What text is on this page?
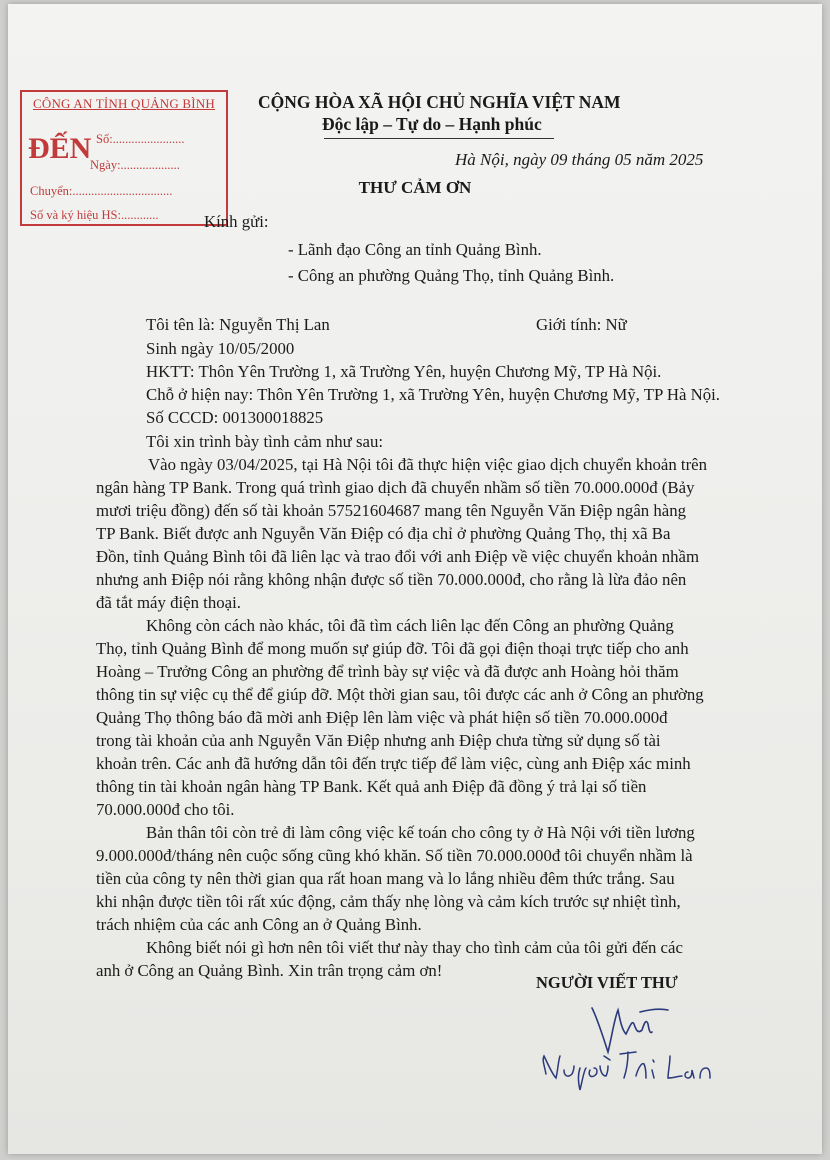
CÔNG AN TỈNH QUẢNG BÌNH
ĐẾN Số:.......................
Ngày:...................
Chuyển:................................
Số và ký hiệu HS:............
CỘNG HÒA XÃ HỘI CHỦ NGHĨA VIỆT NAM
Độc lập – Tự do – Hạnh phúc
Hà Nội, ngày 09 tháng 05 năm 2025
THƯ CẢM ƠN
Kính gửi:
- Lãnh đạo Công an tỉnh Quảng Bình.
- Công an phường Quảng Thọ, tỉnh Quảng Bình.
Tôi tên là: Nguyễn Thị Lan	Giới tính: Nữ
Sinh ngày 10/05/2000
HKTT: Thôn Yên Trường 1, xã Trường Yên, huyện Chương Mỹ, TP Hà Nội.
Chỗ ở hiện nay: Thôn Yên Trường 1, xã Trường Yên, huyện Chương Mỹ, TP Hà Nội.
Số CCCD: 001300018825
Tôi xin trình bày tình cảm như sau:
Vào ngày 03/04/2025, tại Hà Nội tôi đã thực hiện việc giao dịch chuyển khoản trên
ngân hàng TP Bank. Trong quá trình giao dịch đã chuyển nhầm số tiền 70.000.000đ (Bảy
mươi triệu đồng) đến số tài khoản 57521604687 mang tên Nguyễn Văn Điệp ngân hàng
TP Bank. Biết được anh Nguyễn Văn Điệp có địa chỉ ở phường Quảng Thọ, thị xã Ba
Đồn, tỉnh Quảng Bình tôi đã liên lạc và trao đổi với anh Điệp về việc chuyển khoản nhầm
nhưng anh Điệp nói rằng không nhận được số tiền 70.000.000đ, cho rằng là lừa đảo nên
đã tắt máy điện thoại.
Không còn cách nào khác, tôi đã tìm cách liên lạc đến Công an phường Quảng
Thọ, tỉnh Quảng Bình để mong muốn sự giúp đỡ. Tôi đã gọi điện thoại trực tiếp cho anh
Hoàng – Trưởng Công an phường để trình bày sự việc và đã được anh Hoàng hỏi thăm
thông tin sự việc cụ thể để giúp đỡ. Một thời gian sau, tôi được các anh ở Công an phường
Quảng Thọ thông báo đã mời anh Điệp lên làm việc và phát hiện số tiền 70.000.000đ
trong tài khoản của anh Nguyễn Văn Điệp nhưng anh Điệp chưa từng sử dụng số tài
khoản trên. Các anh đã hướng dẫn tôi đến trực tiếp để làm việc, cùng anh Điệp xác minh
thông tin tài khoản ngân hàng TP Bank. Kết quả anh Điệp đã đồng ý trả lại số tiền
70.000.000đ cho tôi.
Bản thân tôi còn trẻ đi làm công việc kế toán cho công ty ở Hà Nội với tiền lương
9.000.000đ/tháng nên cuộc sống cũng khó khăn. Số tiền 70.000.000đ tôi chuyển nhầm là
tiền của công ty nên thời gian qua rất hoan mang và lo lắng nhiều đêm thức trắng. Sau
khi nhận được tiền tôi rất xúc động, cảm thấy nhẹ lòng và cảm kích trước sự nhiệt tình,
trách nhiệm của các anh Công an ở Quảng Bình.
Không biết nói gì hơn nên tôi viết thư này thay cho tình cảm của tôi gửi đến các
anh ở Công an Quảng Bình. Xin trân trọng cảm ơn!
NGƯỜI VIẾT THƯ
